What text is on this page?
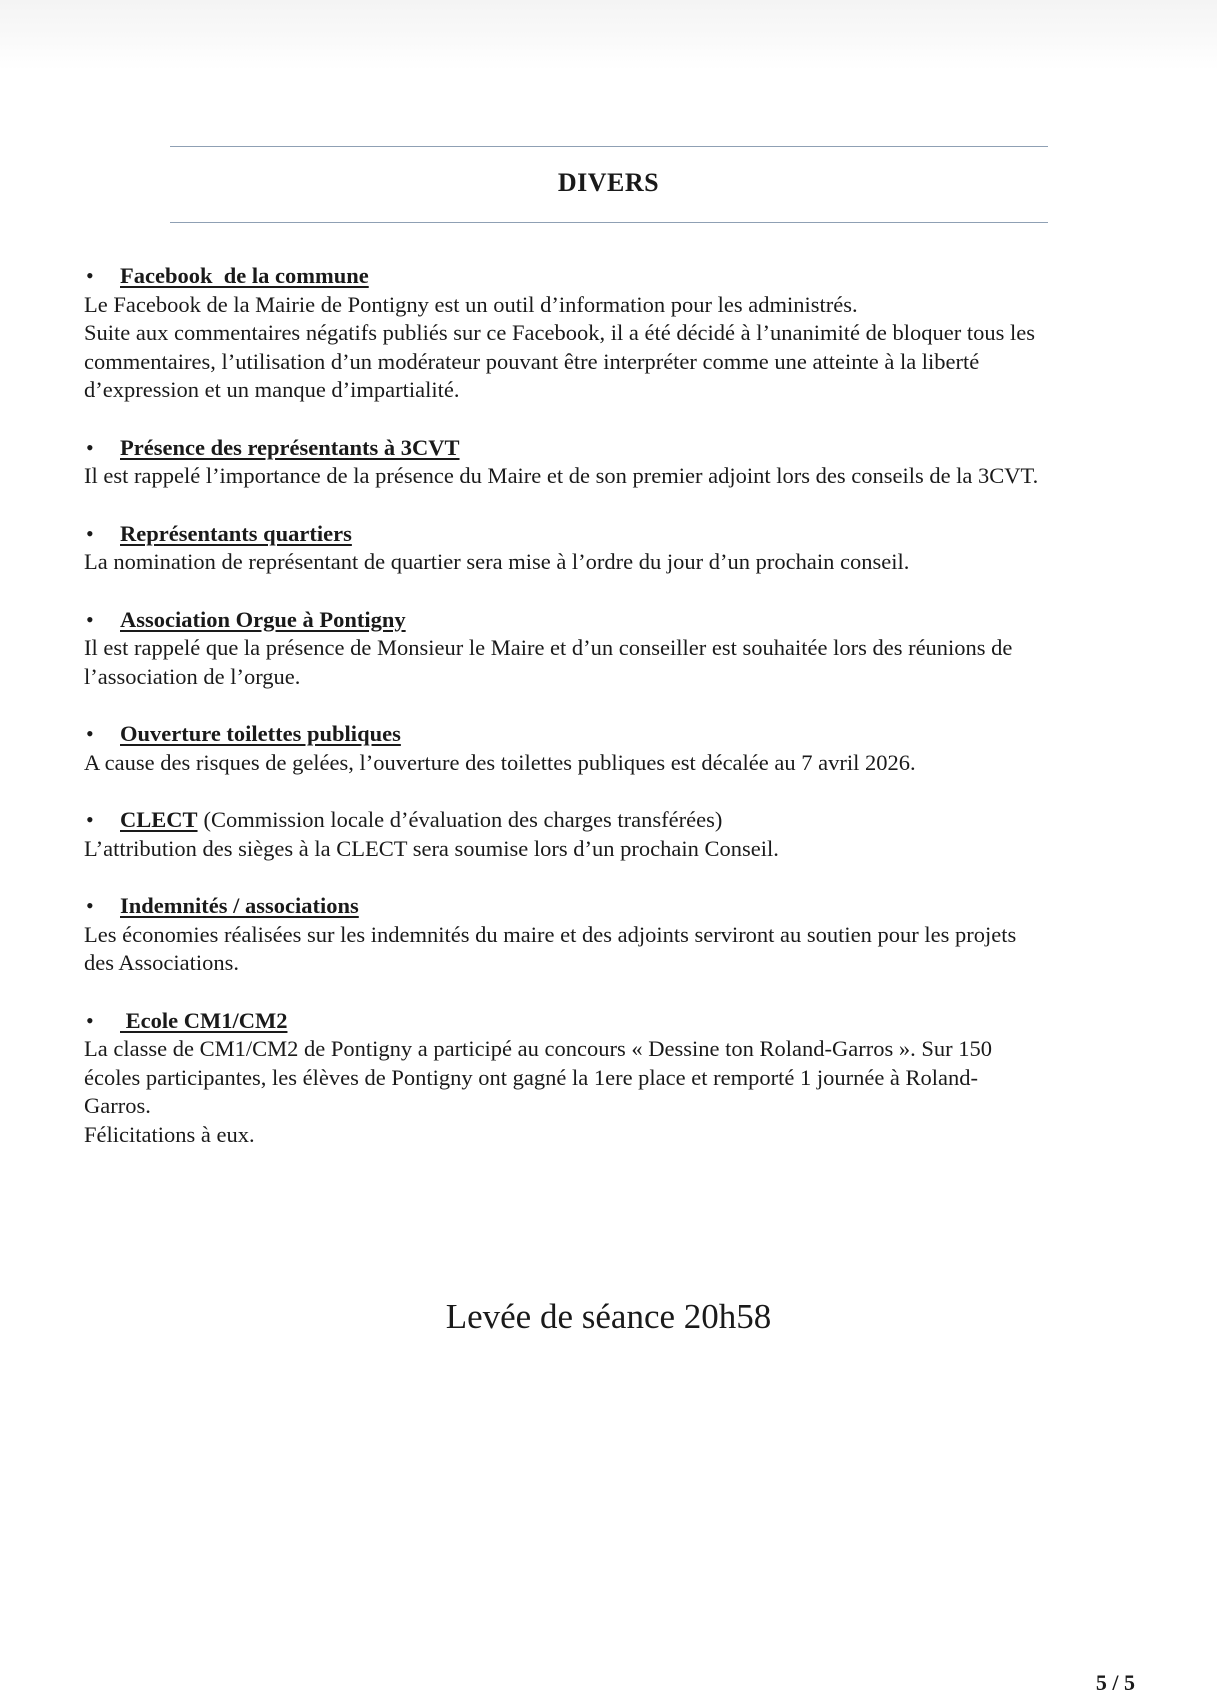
DIVERS
•	Facebook  de la commune

Le Facebook de la Mairie de Pontigny est un outil d’information pour les administrés.

Suite aux commentaires négatifs publiés sur ce Facebook, il a été décidé à l’unanimité de bloquer tous les

commentaires, l’utilisation d’un modérateur pouvant être interpréter comme une atteinte à la liberté

d’expression et un manque d’impartialité.

•	Présence des représentants à 3CVT

Il est rappelé l’importance de la présence du Maire et de son premier adjoint lors des conseils de la 3CVT.

•	Représentants quartiers

La nomination de représentant de quartier sera mise à l’ordre du jour d’un prochain conseil.

•	Association Orgue à Pontigny

Il est rappelé que la présence de Monsieur le Maire et d’un conseiller est souhaitée lors des réunions de

l’association de l’orgue.

•	Ouverture toilettes publiques

A cause des risques de gelées, l’ouverture des toilettes publiques est décalée au 7 avril 2026.

•	CLECT (Commission locale d’évaluation des charges transférées)

L’attribution des sièges à la CLECT sera soumise lors d’un prochain Conseil.

•	Indemnités / associations

Les économies réalisées sur les indemnités du maire et des adjoints serviront au soutien pour les projets

des Associations.

•	Ecole CM1/CM2

La classe de CM1/CM2 de Pontigny a participé au concours « Dessine ton Roland-Garros ». Sur 150

écoles participantes, les élèves de Pontigny ont gagné la 1ere place et remporté 1 journée à Roland-

Garros.

Félicitations à eux.

Levée de séance 20h58
5 / 5
